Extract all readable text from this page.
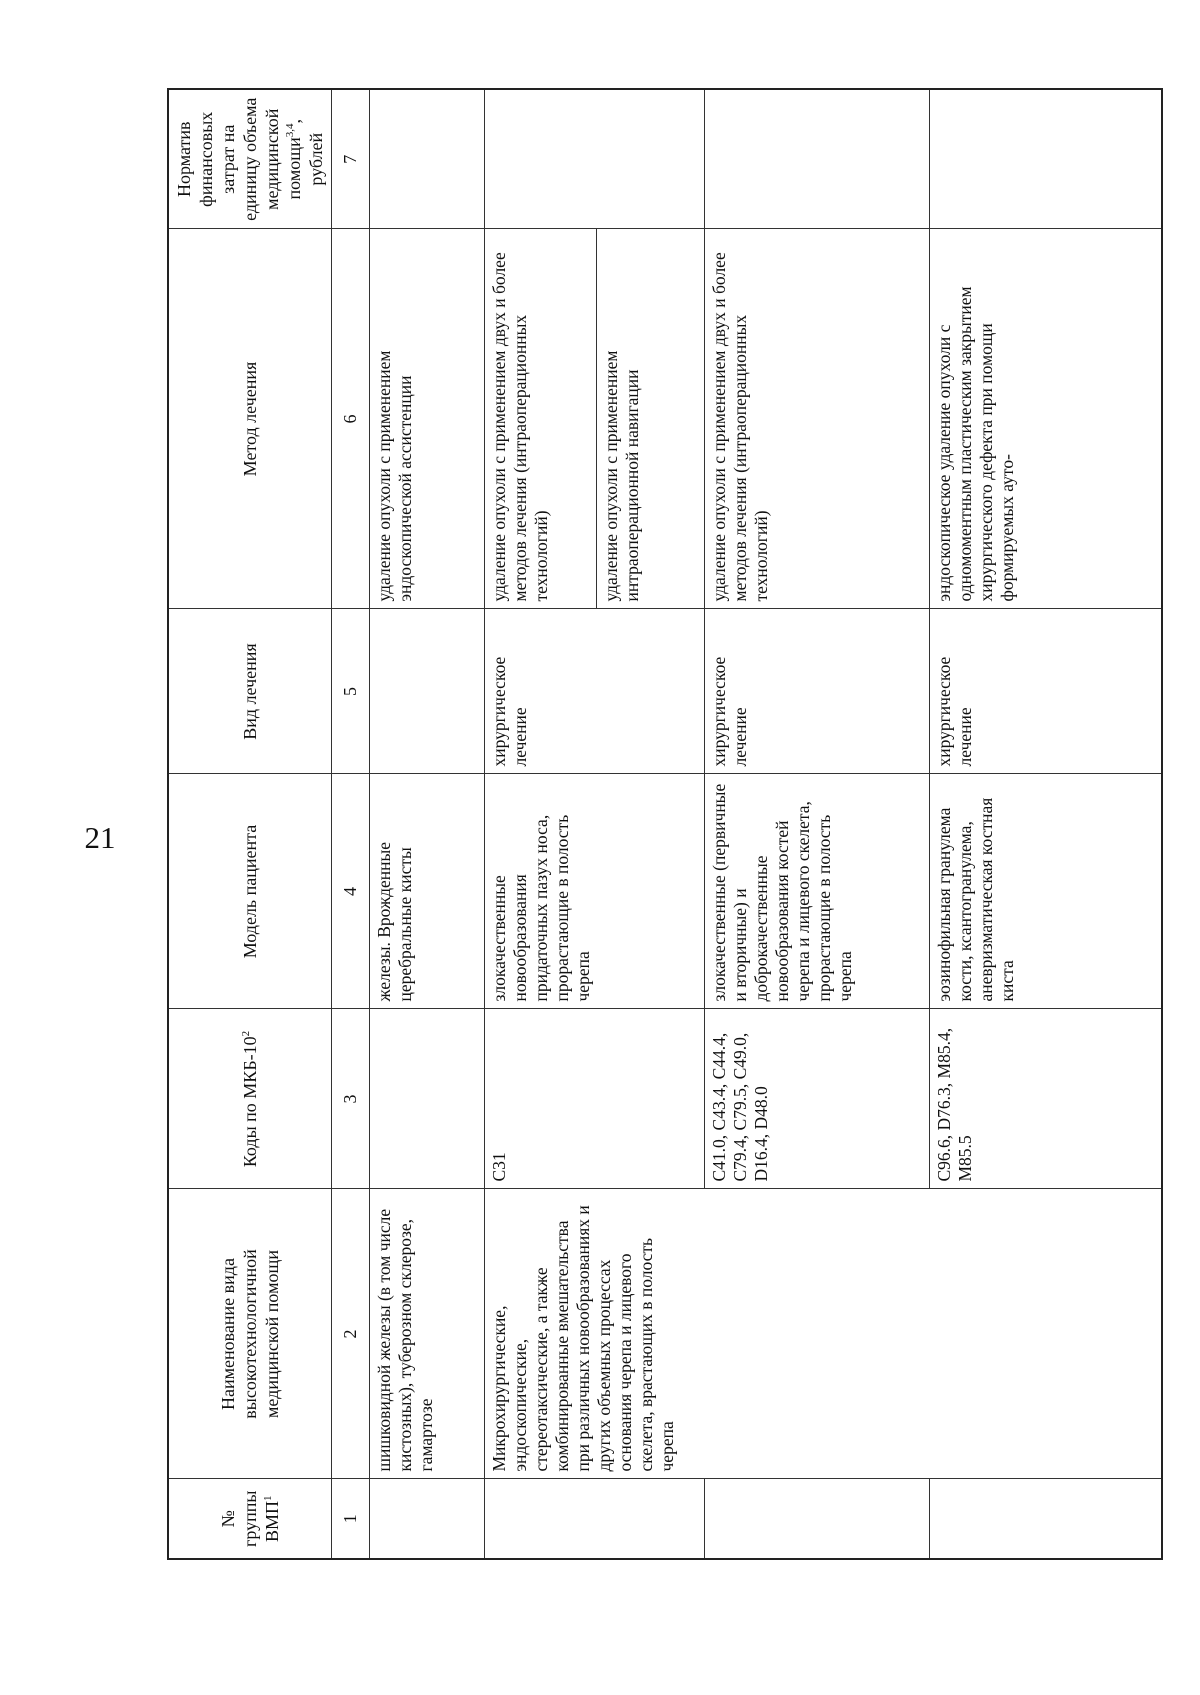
21
№ группы ВМП$^1$	Наименование вида высокотехнологичной медицинской помощи	Коды по МКБ-$10^2$	Модель пациента	Вид лечения	Метод лечения	Норматив финансовых затрат на единицу объема медицинской помощи$^{3,4}$, рублей
1	2	3	4	5	6	7
	шишковидной железы (в том числе кистозных), туберозном склерозе, гамартозе		железы. Врожденные церебральные кисты		удаление опухоли с применением эндоскопической ассистенции	
	Микрохирургические, эндоскопические, стереотаксические, а также комбинированные вмешательства при различных новообразованиях и других объемных процессах основания черепа и лицевого скелета, врастающих в полость черепа	C31	злокачественные новообразования придаточных пазух носа, прорастающие в полость черепа	хирургическое лечение	удаление опухоли с применением двух и более методов лечения (интраоперационных технологий)	
					удаление опухоли с применением интраоперационной навигации	
		C41.0, C43.4, C44.4, C79.4, C79.5, C49.0, D16.4, D48.0	злокачественные (первичные и вторичные) и доброкачественные новообразования костей черепа и лицевого скелета, прорастающие в полость черепа	хирургическое лечение	удаление опухоли с применением двух и более методов лечения (интраоперационных технологий)	
		C96.6, D76.3, M85.4, M85.5	эозинофильная гранулема кости, ксантогранулема, аневризматическая костная киста	хирургическое лечение	эндоскопическое удаление опухоли с одномоментным пластическим закрытием хирургического дефекта при помощи формируемых ауто-	
